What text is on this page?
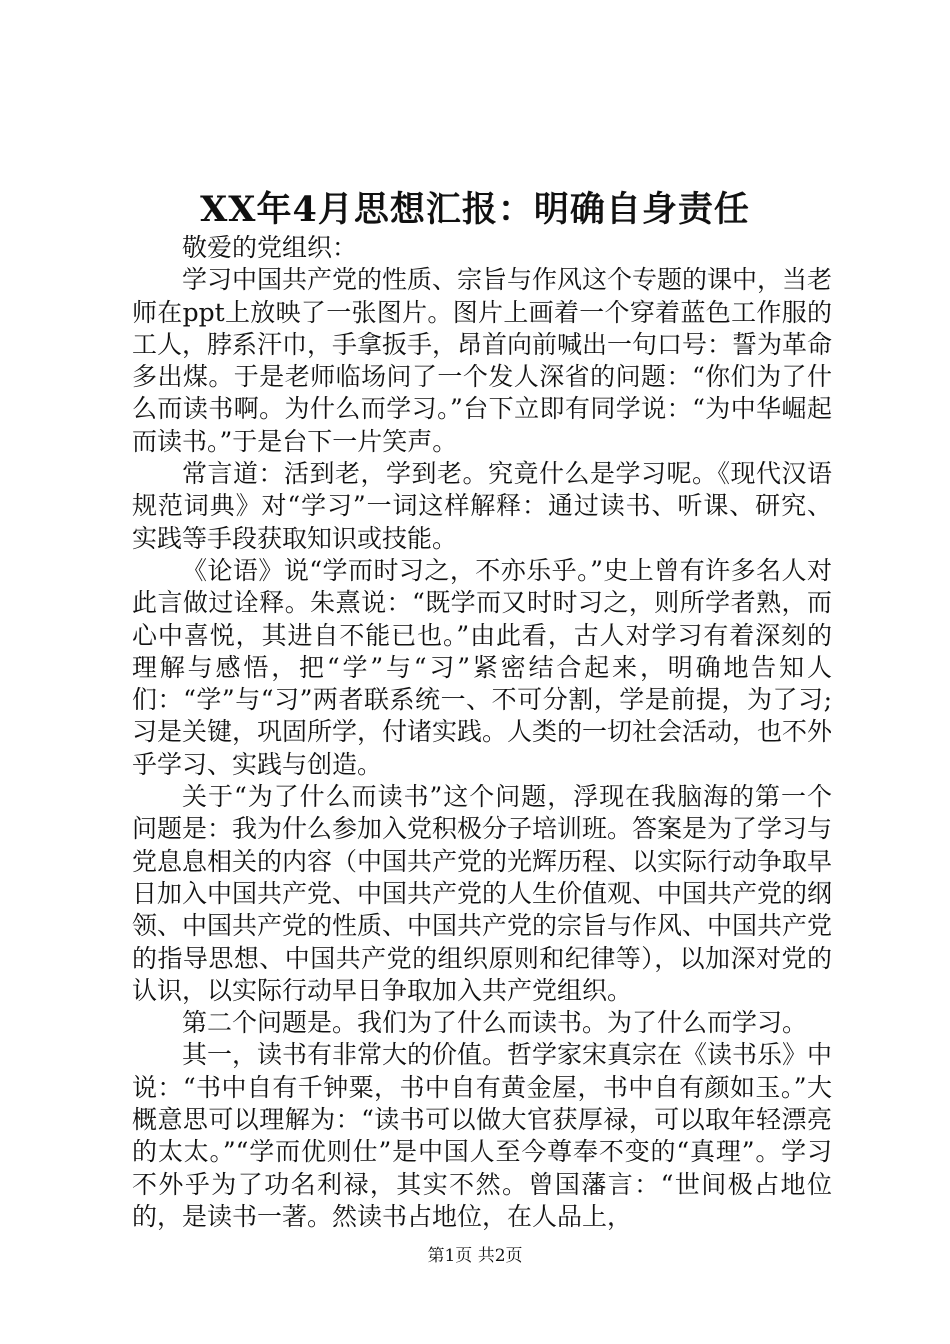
XX年4月思想汇报：明确自身责任

敬爱的党组织：

学习中国共产党的性质、宗旨与作风这个专题的课中，当老师在ppt上放映了一张图片。图片上画着一个穿着蓝色工作服的工人，脖系汗巾，手拿扳手，昂首向前喊出一句口号：誓为革命多出煤。于是老师临场问了一个发人深省的问题：“你们为了什么而读书啊。为什么而学习。”台下立即有同学说：“为中华崛起而读书。”于是台下一片笑声。

常言道：活到老，学到老。究竟什么是学习呢。《现代汉语规范词典》对“学习”一词这样解释：通过读书、听课、研究、实践等手段获取知识或技能。

《论语》说“学而时习之，不亦乐乎。”史上曾有许多名人对此言做过诠释。朱熹说：“既学而又时时习之，则所学者熟，而心中喜悦，其进自不能已也。”由此看，古人对学习有着深刻的理解与感悟，把“学”与“习”紧密结合起来，明确地告知人们：“学”与“习”两者联系统一、不可分割，学是前提，为了习;习是关键，巩固所学，付诸实践。人类的一切社会活动，也不外乎学习、实践与创造。

关于“为了什么而读书”这个问题，浮现在我脑海的第一个问题是：我为什么参加入党积极分子培训班。答案是为了学习与党息息相关的内容（中国共产党的光辉历程、以实际行动争取早日加入中国共产党、中国共产党的人生价值观、中国共产党的纲领、中国共产党的性质、中国共产党的宗旨与作风、中国共产党的指导思想、中国共产党的组织原则和纪律等），以加深对党的认识，以实际行动早日争取加入共产党组织。

第二个问题是。我们为了什么而读书。为了什么而学习。

其一，读书有非常大的价值。哲学家宋真宗在《读书乐》中说：“书中自有千钟粟，书中自有黄金屋，书中自有颜如玉。”大概意思可以理解为：“读书可以做大官获厚禄，可以取年轻漂亮的太太。”“学而优则仕”是中国人至今尊奉不变的“真理”。学习不外乎为了功名利禄，其实不然。曾国藩言：“世间极占地位的，是读书一著。然读书占地位，在人品上，

第1页 共2页
